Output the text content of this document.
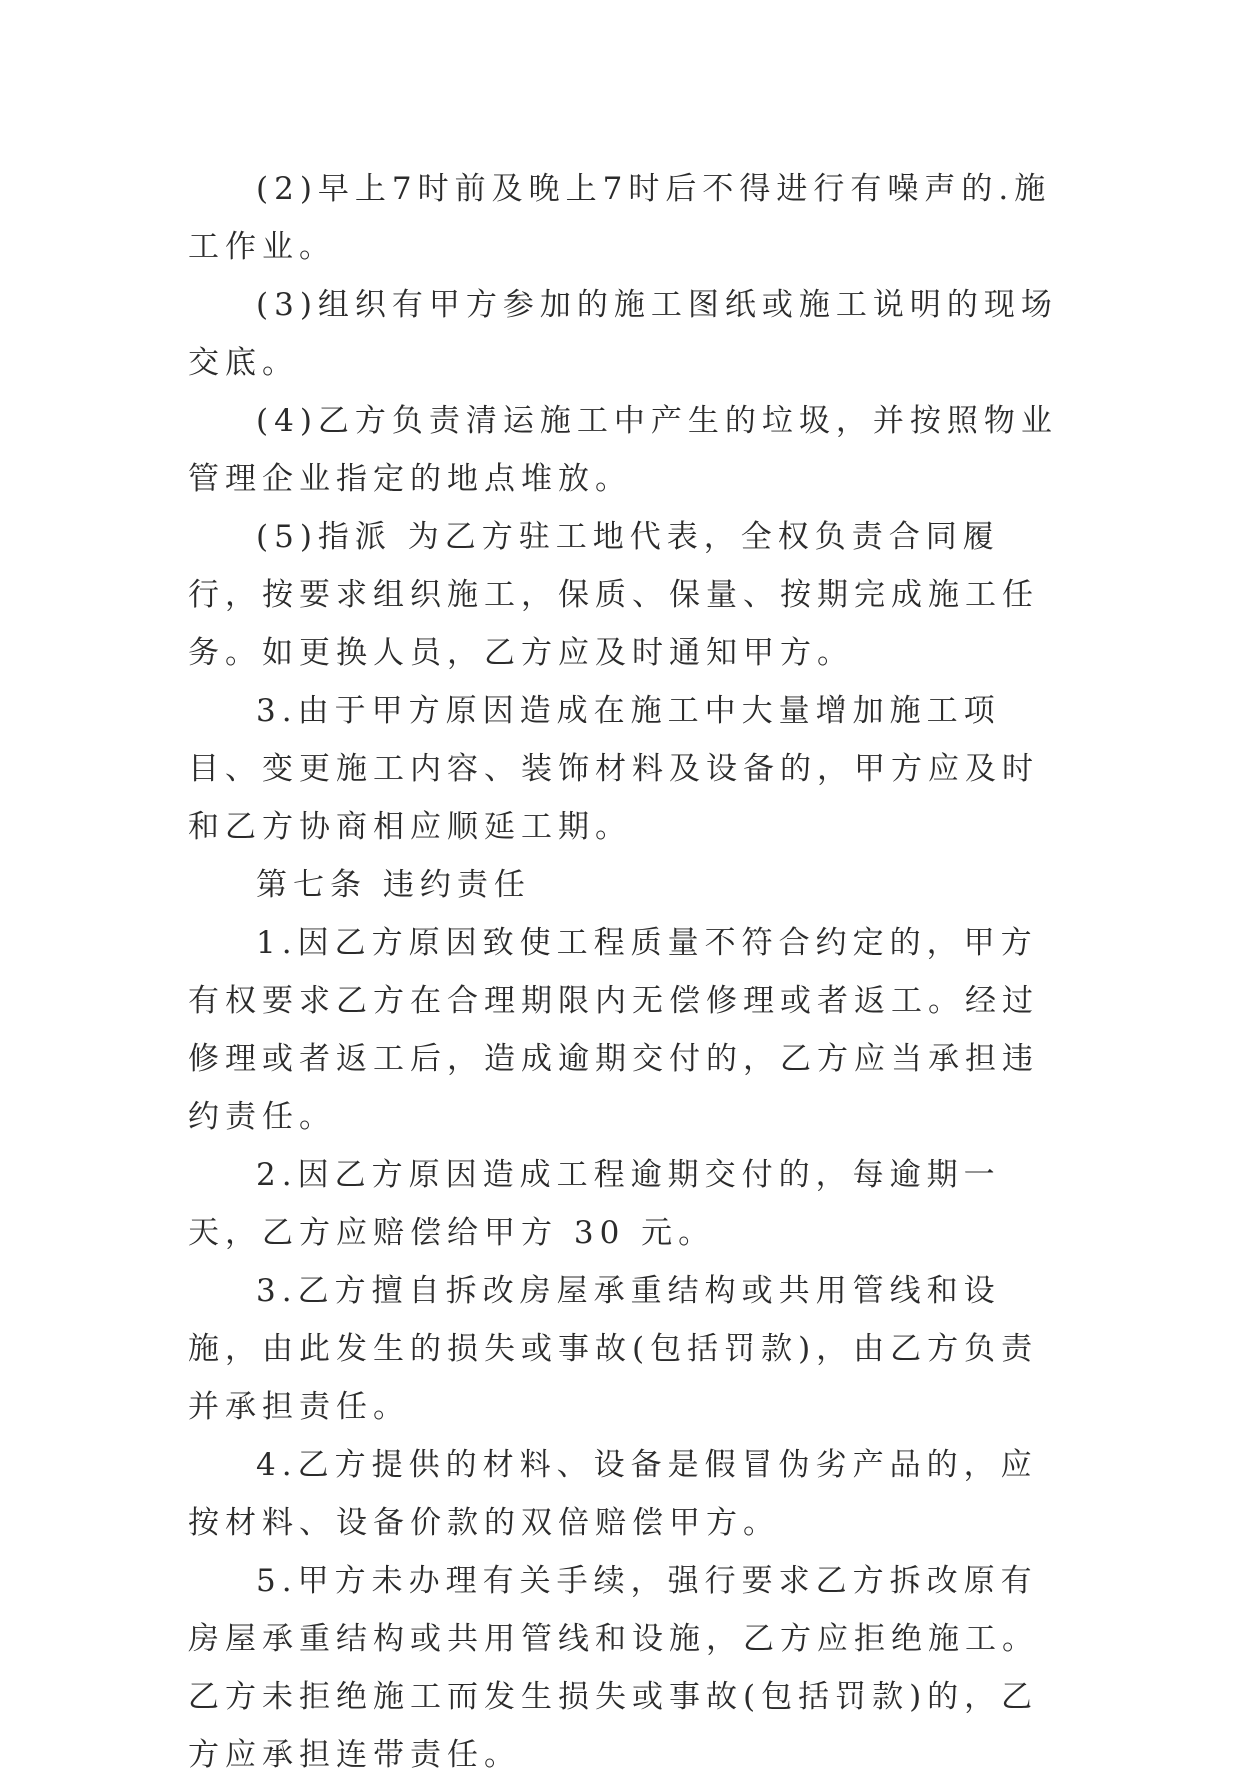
(2)早上7时前及晚上7时后不得进行有噪声的.施工作业。

(3)组织有甲方参加的施工图纸或施工说明的现场交底。

(4)乙方负责清运施工中产生的垃圾，并按照物业管理企业指定的地点堆放。

(5)指派 为乙方驻工地代表，全权负责合同履行，按要求组织施工，保质、保量、按期完成施工任务。如更换人员，乙方应及时通知甲方。

3.由于甲方原因造成在施工中大量增加施工项目、变更施工内容、装饰材料及设备的，甲方应及时和乙方协商相应顺延工期。

第七条 违约责任

1.因乙方原因致使工程质量不符合约定的，甲方有权要求乙方在合理期限内无偿修理或者返工。经过修理或者返工后，造成逾期交付的，乙方应当承担违约责任。

2.因乙方原因造成工程逾期交付的，每逾期一天，乙方应赔偿给甲方 30 元。

3.乙方擅自拆改房屋承重结构或共用管线和设施，由此发生的损失或事故(包括罚款)，由乙方负责并承担责任。

4.乙方提供的材料、设备是假冒伪劣产品的，应按材料、设备价款的双倍赔偿甲方。

5.甲方未办理有关手续，强行要求乙方拆改原有房屋承重结构或共用管线和设施，乙方应拒绝施工。乙方未拒绝施工而发生损失或事故(包括罚款)的，乙方应承担连带责任。
